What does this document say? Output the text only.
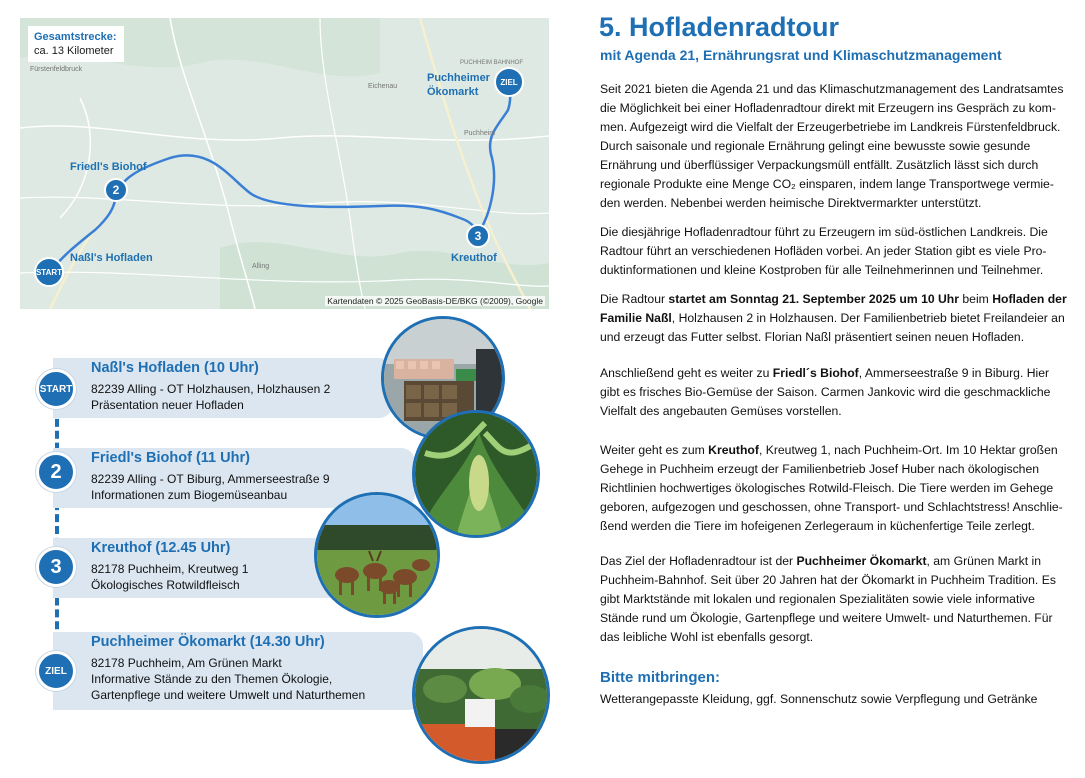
Gesamtstrecke:
ca. 13 Kilometer
Fürstenfeldbruck
Eichenau
Puchheim
Alling
PUCHHEIM BAHNHOF
Friedl's Biohof
Naßl's Hofladen	Kreuthof
Puchheimer
Ökomarkt
START
2
3
ZIEL
Kartendaten © 2025 GeoBasis-DE/BKG (©2009), Google
Naßl's Hofladen (10 Uhr)
82239 Alling - OT Holzhausen, Holzhausen 2
Präsentation neuer Hofladen
START
Friedl's Biohof (11 Uhr)
82239 Alling - OT Biburg, Ammerseestraße 9
Informationen zum Biogemüseanbau
2
Kreuthof (12.45 Uhr)
82178 Puchheim, Kreutweg 1
Ökologisches Rotwildfleisch
3
Puchheimer Ökomarkt (14.30 Uhr)
82178 Puchheim, Am Grünen Markt
Informative Stände zu den Themen Ökologie,
Gartenpflege und weitere Umwelt und Naturthemen
ZIEL
5. Hofladenradtour
mit Agenda 21, Ernährungsrat und Klimaschutzmanagement
Seit 2021 bieten die Agenda 21 und das Klimaschutzmanagement des Landratsamtes
die Möglichkeit bei einer Hofladenradtour direkt mit Erzeugern ins Gespräch zu kom-
men. Aufgezeigt wird die Vielfalt der Erzeugerbetriebe im Landkreis Fürstenfeldbruck.
Durch saisonale und regionale Ernährung gelingt eine bewusste sowie gesunde
Ernährung und überflüssiger Verpackungsmüll entfällt. Zusätzlich lässt sich durch
regionale Produkte eine Menge CO₂ einsparen, indem lange Transportwege vermie-
den werden. Nebenbei werden heimische Direktvermarkter unterstützt.
Die diesjährige Hofladenradtour führt zu Erzeugern im süd-östlichen Landkreis. Die
Radtour führt an verschiedenen Hofläden vorbei. An jeder Station gibt es viele Pro-
duktinformationen und kleine Kostproben für alle Teilnehmerinnen und Teilnehmer.
Die Radtour startet am Sonntag 21. September 2025 um 10 Uhr beim Hofladen der
Familie Naßl, Holzhausen 2 in Holzhausen. Der Familienbetrieb bietet Freilandeier an
und erzeugt das Futter selbst. Florian Naßl präsentiert seinen neuen Hofladen.
Anschließend geht es weiter zu Friedl´s Biohof, Ammerseestraße 9 in Biburg. Hier
gibt es frisches Bio-Gemüse der Saison. Carmen Jankovic wird die geschmackliche
Vielfalt des angebauten Gemüses vorstellen.
Weiter geht es zum Kreuthof, Kreutweg 1, nach Puchheim-Ort. Im 10 Hektar großen
Gehege in Puchheim erzeugt der Familienbetrieb Josef Huber nach ökologischen
Richtlinien hochwertiges ökologisches Rotwild-Fleisch. Die Tiere werden im Gehege
geboren, aufgezogen und geschossen, ohne Transport- und Schlachtstress! Anschlie-
ßend werden die Tiere im hofeigenen Zerlegeraum in küchenfertige Teile zerlegt.
Das Ziel der Hofladenradtour ist der Puchheimer Ökomarkt, am Grünen Markt in
Puchheim-Bahnhof. Seit über 20 Jahren hat der Ökomarkt in Puchheim Tradition. Es
gibt Marktstände mit lokalen und regionalen Spezialitäten sowie viele informative
Stände rund um Ökologie, Gartenpflege und weitere Umwelt- und Naturthemen. Für
das leibliche Wohl ist ebenfalls gesorgt.
Bitte mitbringen:
Wetterangepasste Kleidung, ggf. Sonnenschutz sowie Verpflegung und Getränke
